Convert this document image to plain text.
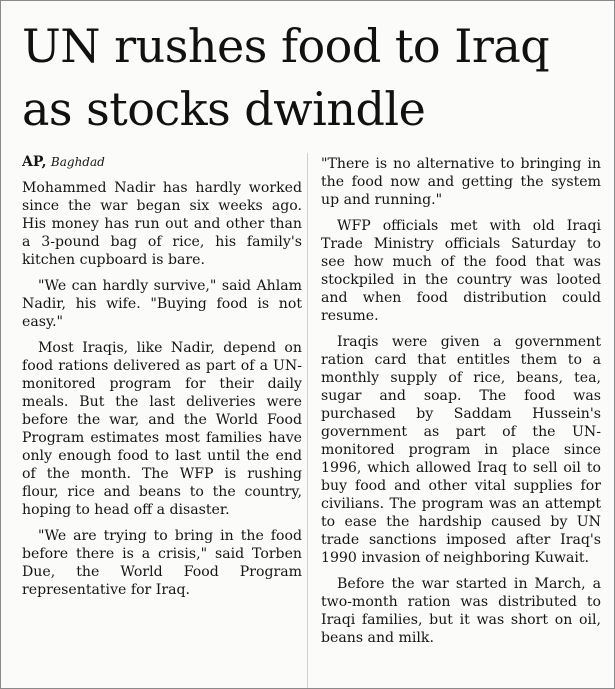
UN rushes food to Iraq
as stocks dwindle

AP, Baghdad

Mohammed Nadir has hardly worked since the war began six weeks ago. His money has run out and other than a 3-pound bag of rice, his family's kitchen cupboard is bare.

"We can hardly survive," said Ahlam Nadir, his wife. "Buying food is not easy."

Most Iraqis, like Nadir, depend on food rations delivered as part of a UN-monitored program for their daily meals. But the last deliveries were before the war, and the World Food Program estimates most families have only enough food to last until the end of the month. The WFP is rushing flour, rice and beans to the country, hoping to head off a disaster.

"We are trying to bring in the food before there is a crisis," said Torben Due, the World Food Program representative for Iraq.

"There is no alternative to bringing in the food now and getting the system up and running."

WFP officials met with old Iraqi Trade Ministry officials Saturday to see how much of the food that was stockpiled in the country was looted and when food distribution could resume.

Iraqis were given a government ration card that entitles them to a monthly supply of rice, beans, tea, sugar and soap. The food was purchased by Saddam Hussein's government as part of the UN-monitored program in place since 1996, which allowed Iraq to sell oil to buy food and other vital supplies for civilians. The program was an attempt to ease the hardship caused by UN trade sanctions imposed after Iraq's 1990 invasion of neighboring Kuwait.

Before the war started in March, a two-month ration was distributed to Iraqi families, but it was short on oil, beans and milk.
